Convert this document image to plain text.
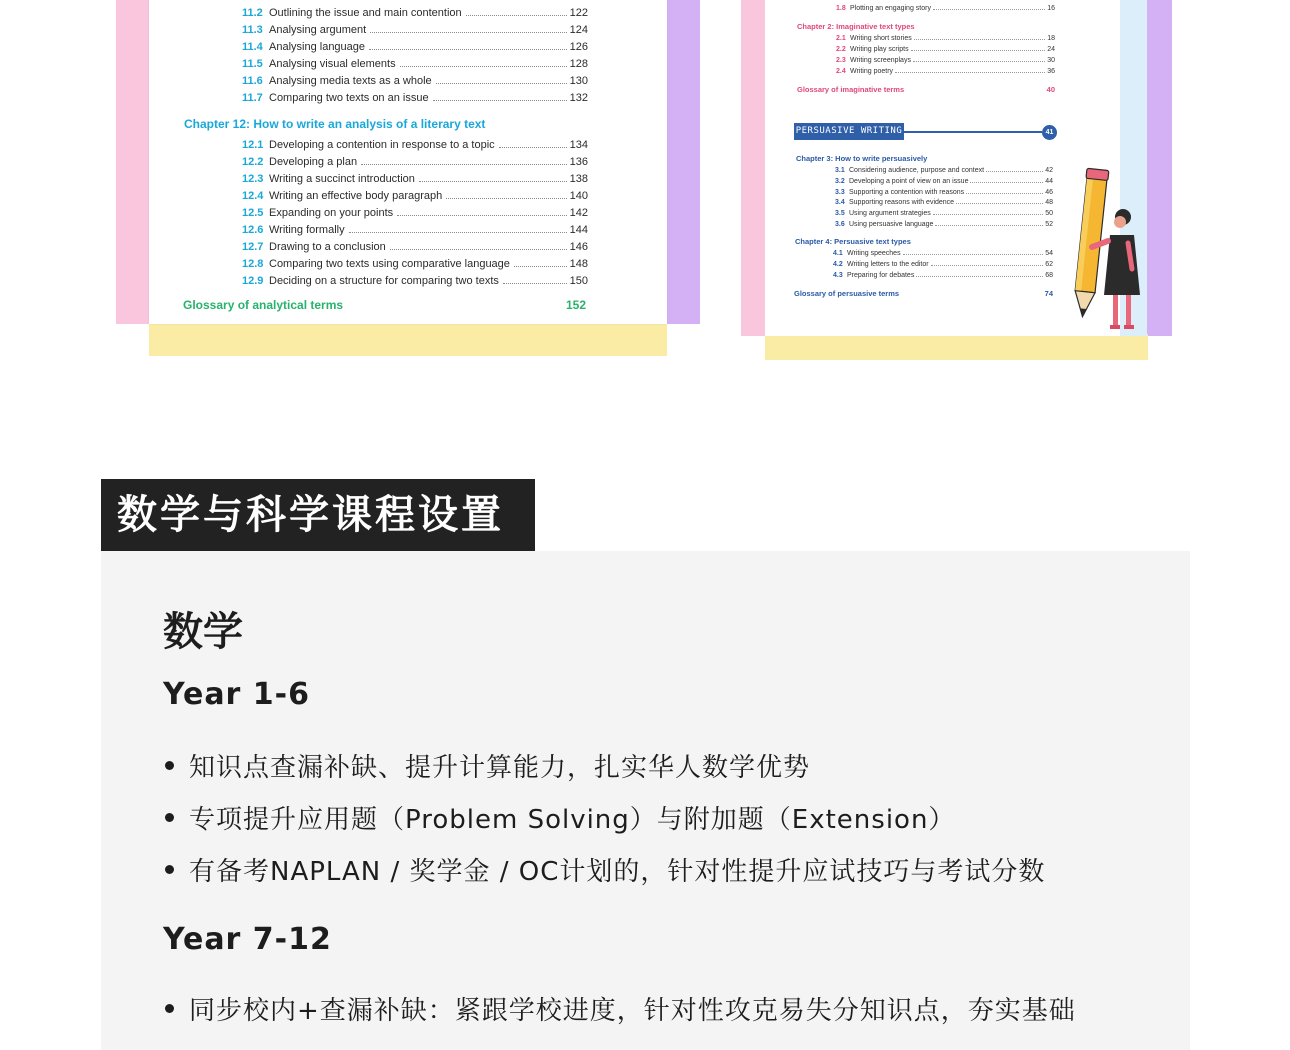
11.2 Outlining the issue and main contention	122
11.3 Analysing argument	124
11.4 Analysing language	126
11.5 Analysing visual elements	128
11.6 Analysing media texts as a whole	130
11.7 Comparing two texts on an issue	132
Chapter 12: How to write an analysis of a literary text
12.1 Developing a contention in response to a topic	134
12.2 Developing a plan	136
12.3 Writing a succinct introduction	138
12.4 Writing an effective body paragraph	140
12.5 Expanding on your points	142
12.6 Writing formally	144
12.7 Drawing to a conclusion	146
12.8 Comparing two texts using comparative language	148
12.9 Deciding on a structure for comparing two texts	150
Glossary of analytical terms	152
1.8 Plotting an engaging story	16
Chapter 2: Imaginative text types
2.1 Writing short stories	18
2.2 Writing play scripts	24
2.3 Writing screenplays	30
2.4 Writing poetry	36
Glossary of imaginative terms	40
PERSUASIVE WRITING	41
Chapter 3: How to write persuasively
3.1 Considering audience, purpose and context	42
3.2 Developing a point of view on an issue	44
3.3 Supporting a contention with reasons	46
3.4 Supporting reasons with evidence	48
3.5 Using argument strategies	50
3.6 Using persuasive language	52
Chapter 4: Persuasive text types
4.1 Writing speeches	54
4.2 Writing letters to the editor	62
4.3 Preparing for debates	68
Glossary of persuasive terms	74
数学与科学课程设置
数学
Year 1-6
知识点查漏补缺、提升计算能力，扎实华人数学优势
专项提升应用题（Problem Solving）与附加题（Extension）
有备考NAPLAN / 奖学金 / OC计划的，针对性提升应试技巧与考试分数
Year 7-12
同步校内+查漏补缺：紧跟学校进度，针对性攻克易失分知识点，夯实基础
